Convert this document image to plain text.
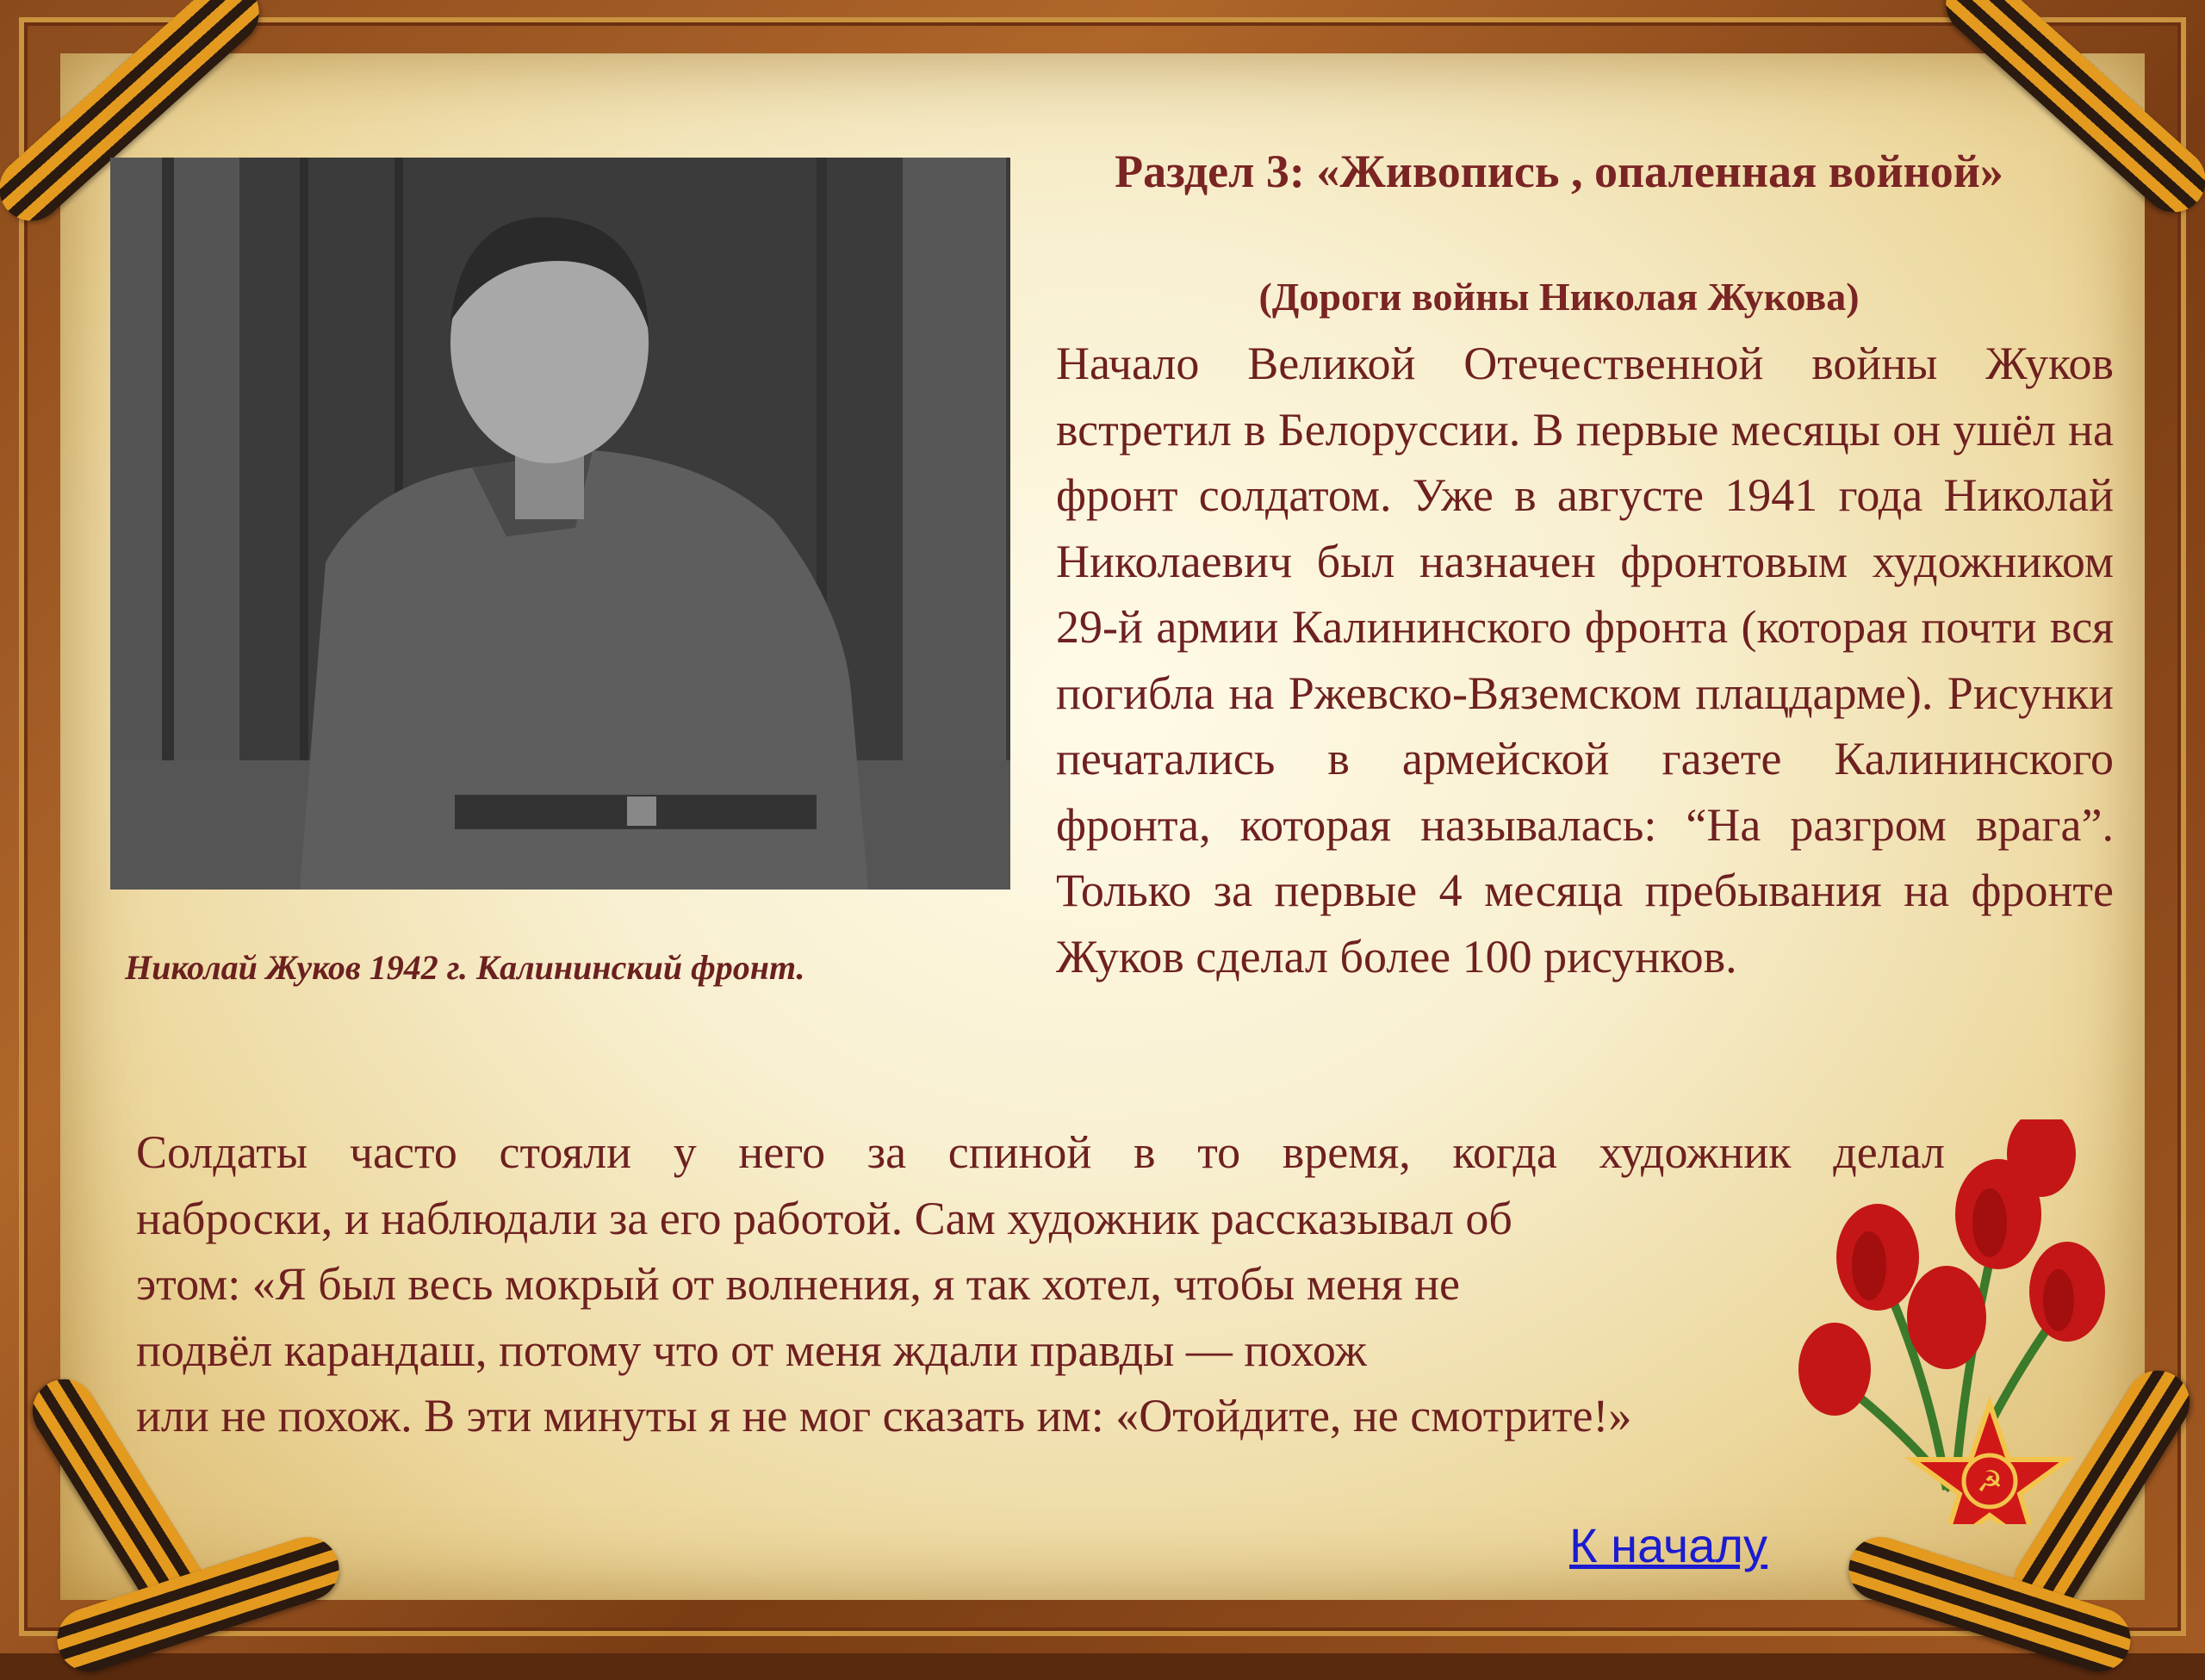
Николай Жуков 1942 г. Калининский фронт.
Раздел 3: «Живопись , опаленная войной»
(Дороги войны Николая Жукова)
Начало Великой Отечественной войны Жуков встретил в Белоруссии. В первые месяцы он ушёл на фронт солдатом. Уже в августе 1941 года Николай Николаевич был назначен фронтовым художником 29-й армии Калининского фронта (которая почти вся погибла на Ржевско-Вяземском плацдарме). Рисунки печатались в армейской газете Калининского фронта, которая называлась: “На разгром врага”. Только за первые 4 месяца пребывания на фронте Жуков сделал более 100 рисунков.
Солдаты часто стояли у него за спиной в то время, когда художник делал
наброски, и наблюдали за его работой. Сам художник рассказывал об
этом: «Я был весь мокрый от волнения, я так хотел, чтобы меня не
подвёл карандаш, потому что от меня ждали правды — похож
или не похож. В эти минуты я не мог сказать им: «Отойдите, не смотрите!»
☭
К началу
